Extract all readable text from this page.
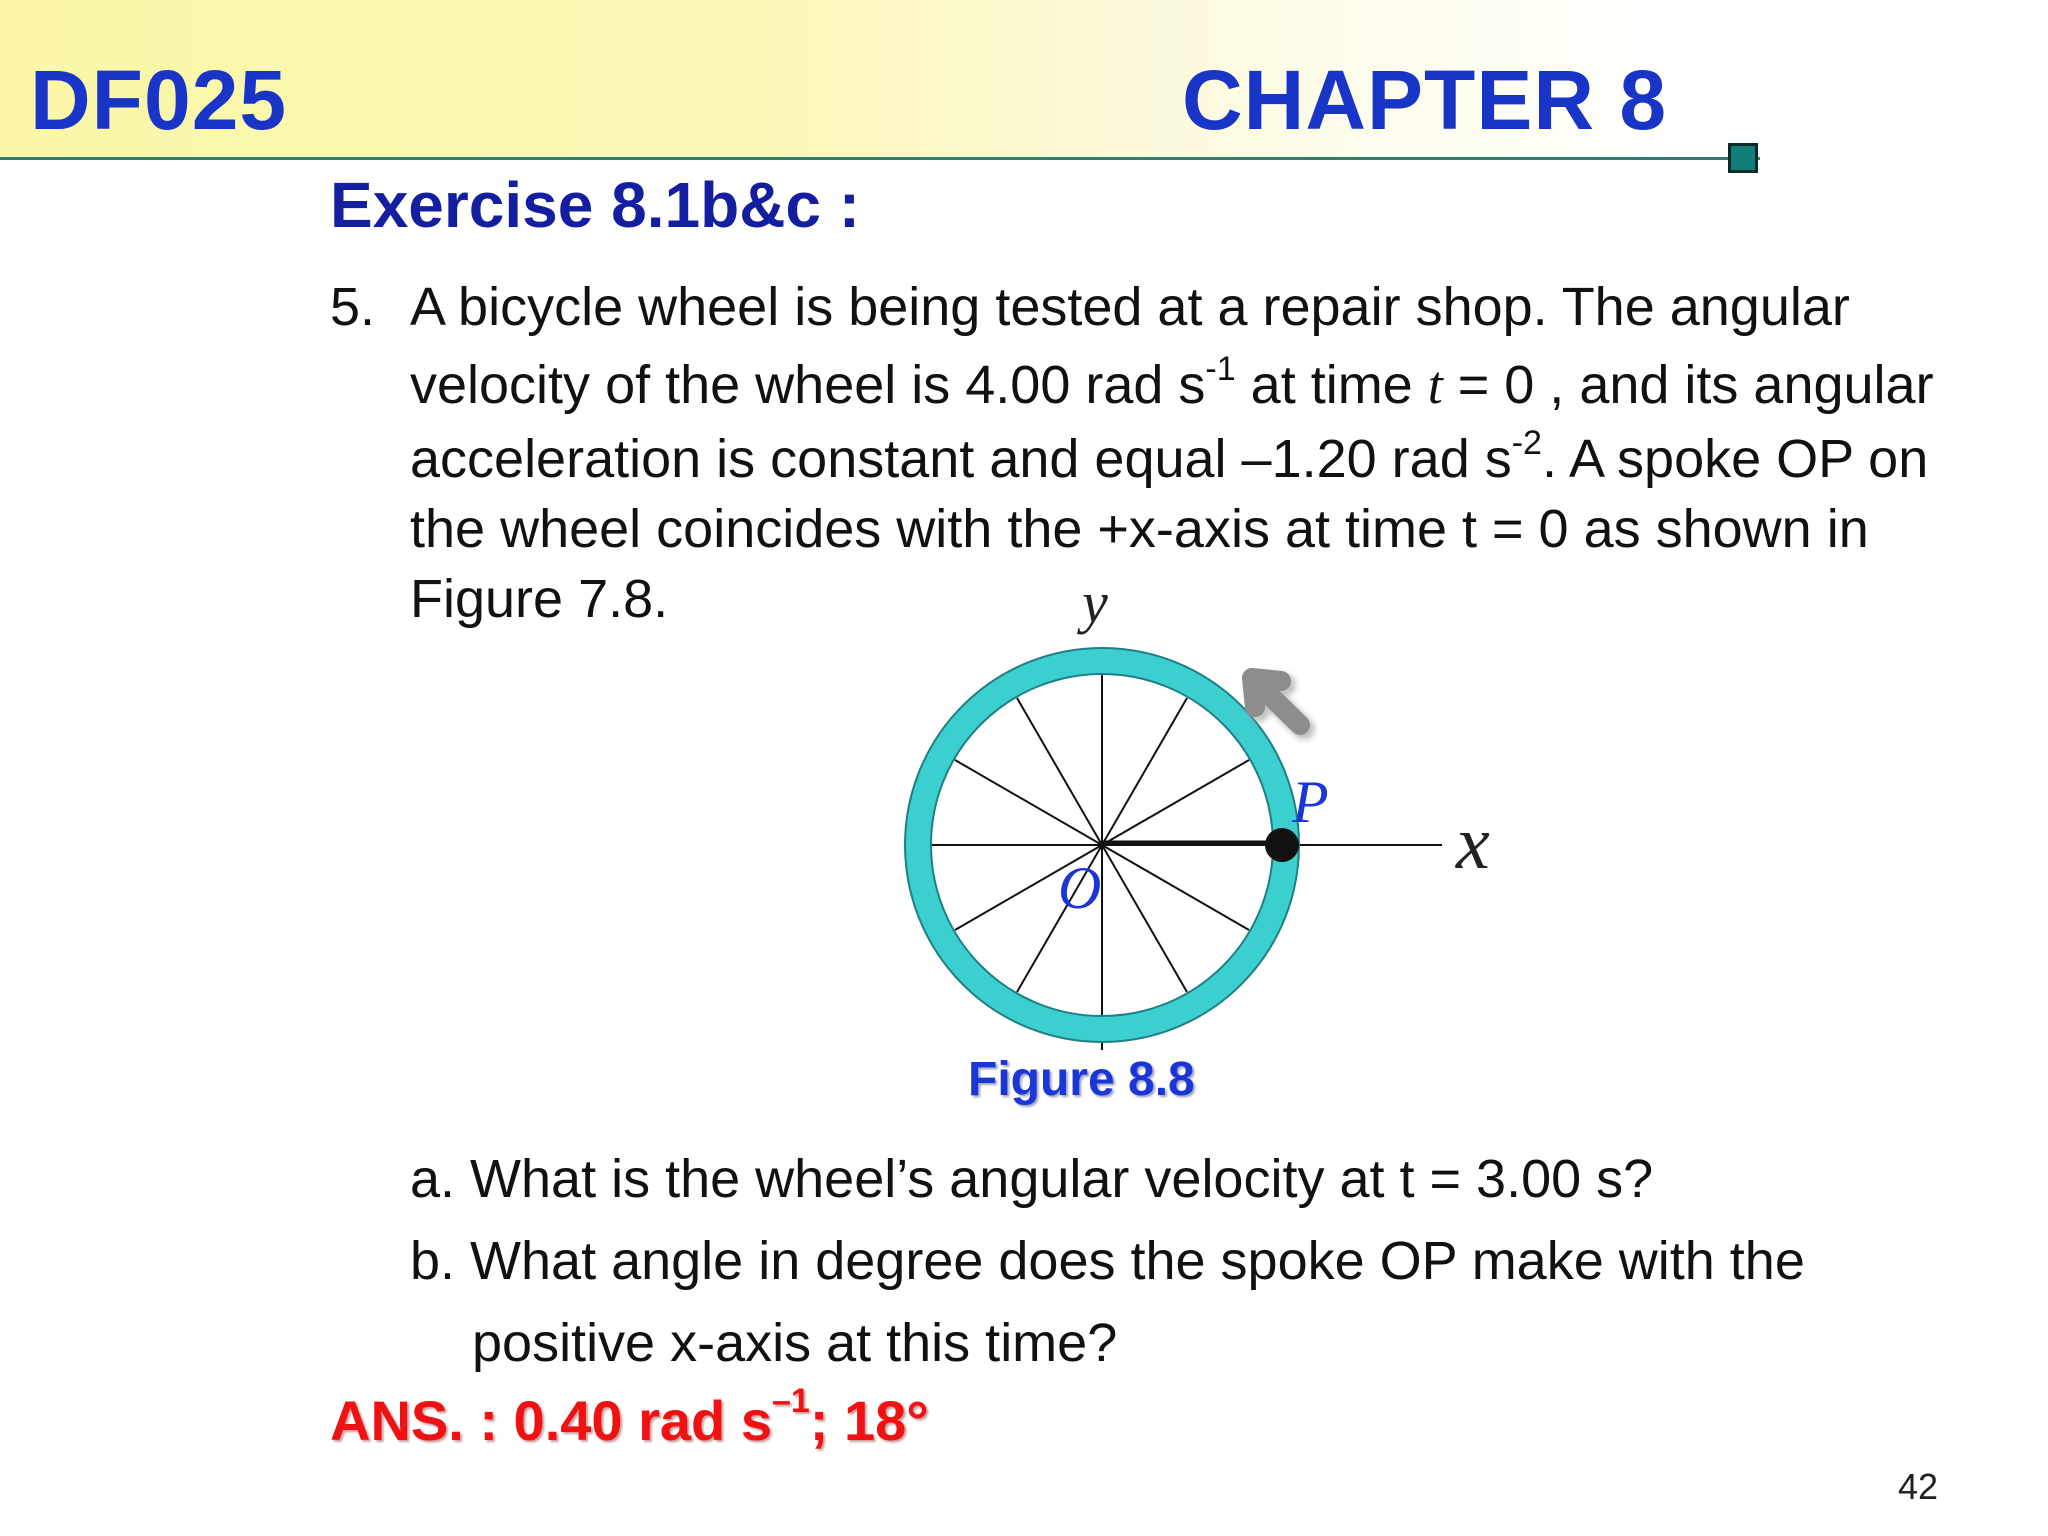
DF025	CHAPTER 8
Exercise 8.1b&c :
5. A bicycle wheel is being tested at a repair shop. The angular
velocity of the wheel is 4.00 rad $s^{-1}$ at time t = 0 , and its angular
acceleration is constant and equal –1.20 rad $s^{-2}$. A spoke OP on
the wheel coincides with the +x-axis at time t = 0 as shown in
Figure 7.8.	y
x
P
O
Figure 8.8
a. What is the wheel’s angular velocity at t = 3.00 s?
b. What angle in degree does the spoke OP make with the
positive x-axis at this time?
ANS. : 0.40 rad $s^{-1}$; 18°
42
